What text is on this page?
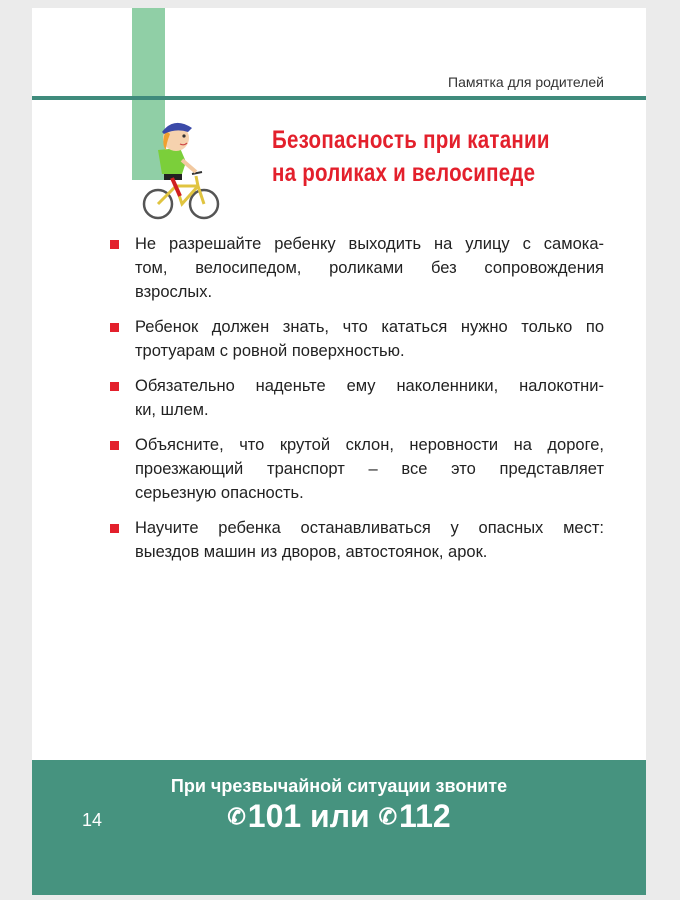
Памятка для родителей
Безопасность при катании
на роликах и велосипеде
Не разрешайте ребенку выходить на улицу с самока-
том, велосипедом, роликами без сопровождения
взрослых.
Ребенок должен знать, что кататься нужно только по
тротуарам с ровной поверхностью.
Обязательно наденьте ему наколенники, налокотни-
ки, шлем.
Объясните, что крутой склон, неровности на дороге,
проезжающий транспорт – все это представляет
серьезную опасность.
Научите ребенка останавливаться у опасных мест:
выездов машин из дворов, автостоянок, арок.
При чрезвычайной ситуации звоните
14	✆101 или ✆112
